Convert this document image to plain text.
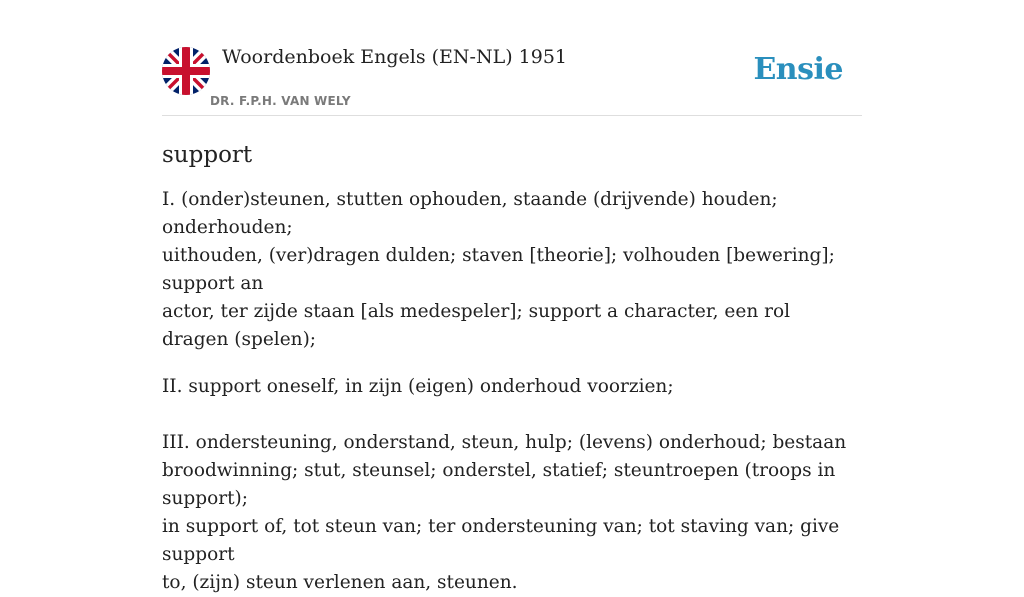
Woordenboek Engels (EN-NL) 1951
DR. F.P.H. VAN WELY
Ensie
support

I. (onder)steunen, stutten ophouden, staande (drijvende) houden; onderhouden;
uithouden, (ver)dragen dulden; staven [theorie]; volhouden [bewering]; support an
actor, ter zijde staan [als medespeler]; support a character, een rol dragen (spelen);

II. support oneself, in zijn (eigen) onderhoud voorzien;

III. ondersteuning, onderstand, steun, hulp; (levens) onderhoud; bestaan
broodwinning; stut, steunsel; onderstel, statief; steuntroepen (troops in support);
in support of, tot steun van; ter ondersteuning van; tot staving van; give support
to, (zijn) steun verlenen aan, steunen.
